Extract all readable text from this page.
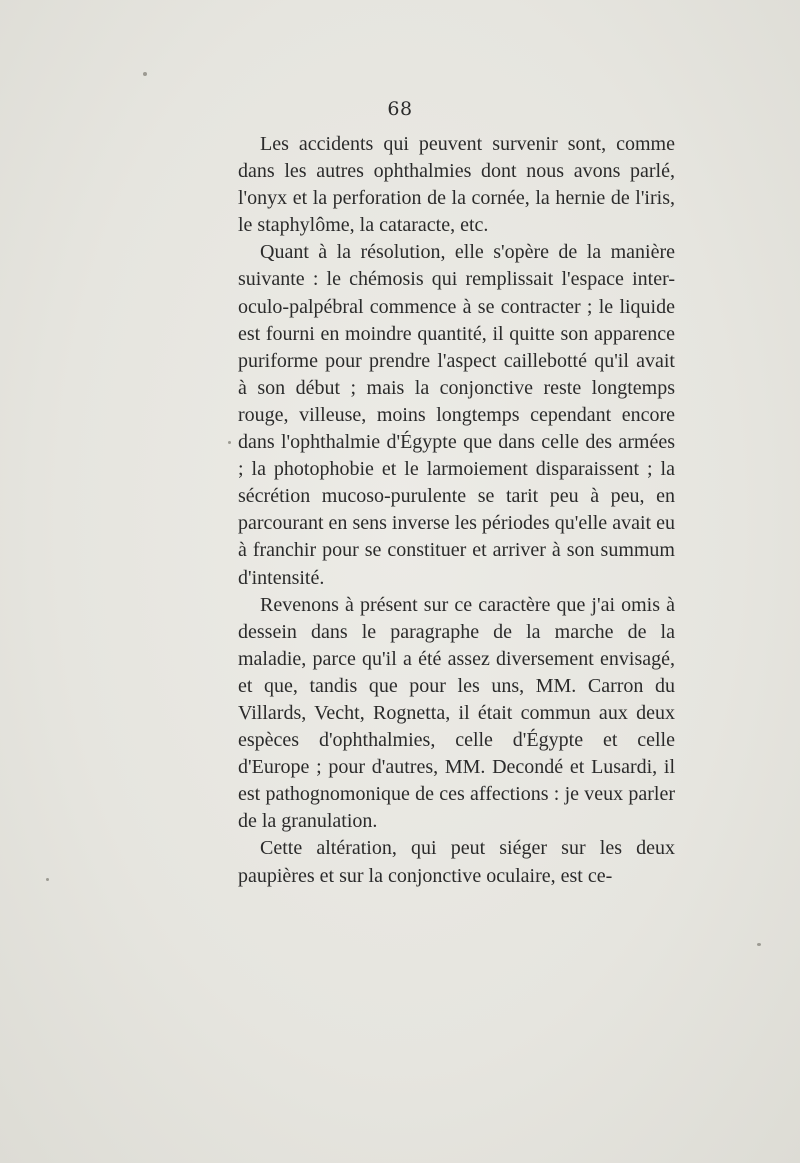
68

Les accidents qui peuvent survenir sont, comme dans les autres ophthalmies dont nous avons parlé, l'onyx et la perforation de la cornée, la hernie de l'iris, le staphylôme, la cataracte, etc.

Quant à la résolution, elle s'opère de la manière suivante : le chémosis qui remplissait l'espace inter-oculo-palpébral commence à se contracter ; le liquide est fourni en moindre quantité, il quitte son apparence puriforme pour prendre l'aspect caillebotté qu'il avait à son début ; mais la conjonctive reste longtemps rouge, villeuse, moins longtemps cependant encore dans l'ophthalmie d'Égypte que dans celle des armées ; la photophobie et le larmoiement disparaissent ; la sécrétion mucoso-purulente se tarit peu à peu, en parcourant en sens inverse les périodes qu'elle avait eu à franchir pour se constituer et arriver à son summum d'intensité.

Revenons à présent sur ce caractère que j'ai omis à dessein dans le paragraphe de la marche de la maladie, parce qu'il a été assez diversement envisagé, et que, tandis que pour les uns, MM. Carron du Villards, Vecht, Rognetta, il était commun aux deux espèces d'ophthalmies, celle d'Égypte et celle d'Europe ; pour d'autres, MM. Decondé et Lusardi, il est pathognomonique de ces affections : je veux parler de la granulation.

Cette altération, qui peut siéger sur les deux paupières et sur la conjonctive oculaire, est ce-
